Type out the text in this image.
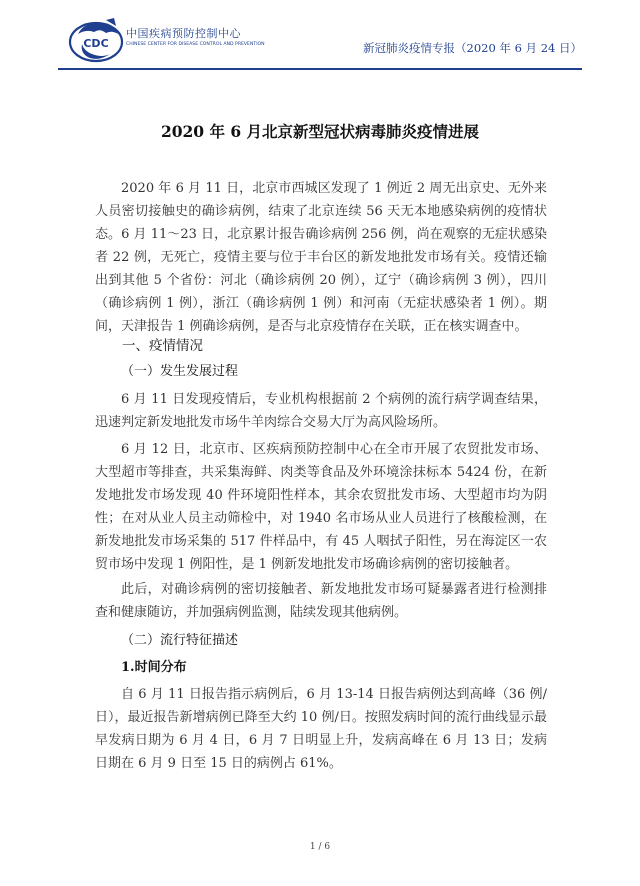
CDC
中国疾病预防控制中心
CHINESE CENTER FOR DISEASE CONTROL AND PREVENTION	新冠肺炎疫情专报（2020 年 6 月 24 日）
2020 年 6 月北京新型冠状病毒肺炎疫情进展

2020 年 6 月 11 日，北京市西城区发现了 1 例近 2 周无出京史、无外来人员密切接触史的确诊病例，结束了北京连续 56 天无本地感染病例的疫情状态。6 月 11～23 日，北京累计报告确诊病例 256 例，尚在观察的无症状感染者 22 例，无死亡，疫情主要与位于丰台区的新发地批发市场有关。疫情还输出到其他 5 个省份：河北（确诊病例 20 例），辽宁（确诊病例 3 例），四川（确诊病例 1 例），浙江（确诊病例 1 例）和河南（无症状感染者 1 例）。期间，天津报告 1 例确诊病例，是否与北京疫情存在关联，正在核实调查中。

一、疫情情况
（一）发生发展过程

6 月 11 日发现疫情后，专业机构根据前 2 个病例的流行病学调查结果，迅速判定新发地批发市场牛羊肉综合交易大厅为高风险场所。

6 月 12 日，北京市、区疾病预防控制中心在全市开展了农贸批发市场、大型超市等排查，共采集海鲜、肉类等食品及外环境涂抹标本 5424 份，在新发地批发市场发现 40 件环境阳性样本，其余农贸批发市场、大型超市均为阴性；在对从业人员主动筛检中，对 1940 名市场从业人员进行了核酸检测，在新发地批发市场采集的 517 件样品中，有 45 人咽拭子阳性，另在海淀区一农贸市场中发现 1 例阳性，是 1 例新发地批发市场确诊病例的密切接触者。

此后，对确诊病例的密切接触者、新发地批发市场可疑暴露者进行检测排查和健康随访，并加强病例监测，陆续发现其他病例。

（二）流行特征描述
1.时间分布

自 6 月 11 日报告指示病例后，6 月 13-14 日报告病例达到高峰（36 例/日），最近报告新增病例已降至大约 10 例/日。按照发病时间的流行曲线显示最早发病日期为 6 月 4 日，6 月 7 日明显上升，发病高峰在 6 月 13 日；发病日期在 6 月 9 日至 15 日的病例占 61%。

1 / 6
